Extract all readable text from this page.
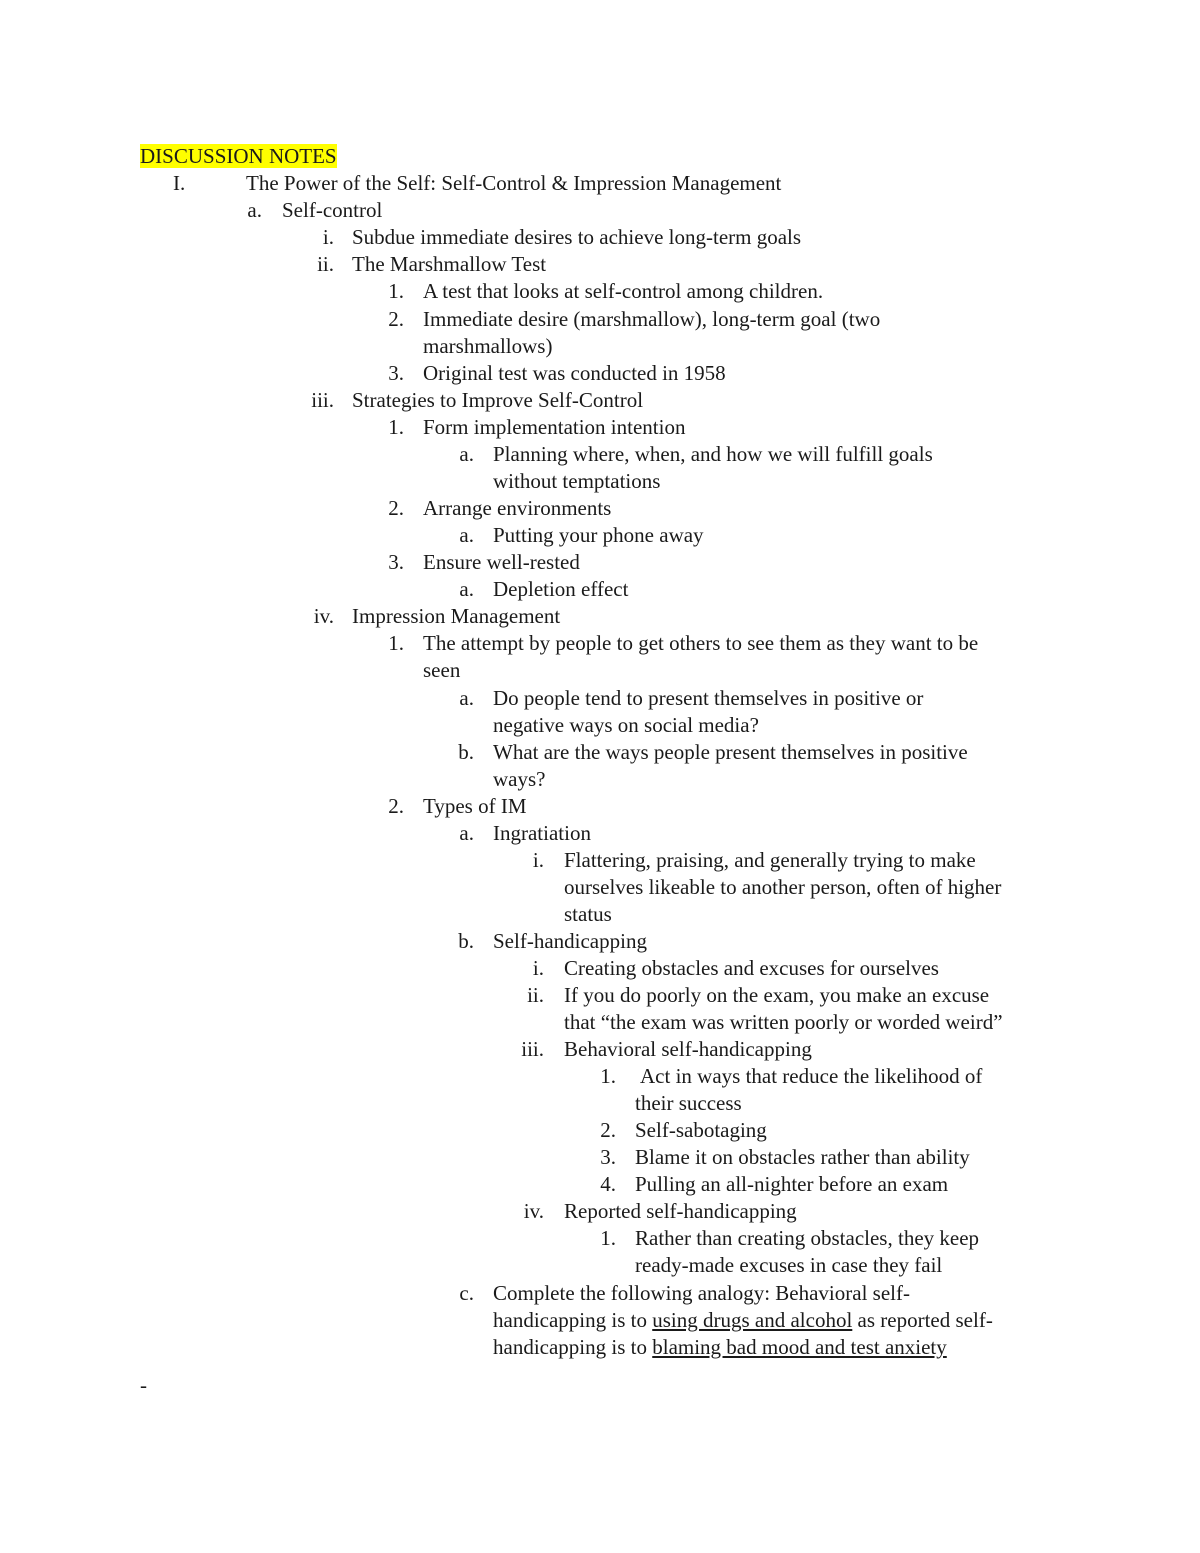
DISCUSSION NOTES
I.	The Power of the Self: Self-Control & Impression Management
a. Self-control
i. Subdue immediate desires to achieve long-term goals
ii. The Marshmallow Test
1. A test that looks at self-control among children.
2. Immediate desire (marshmallow), long-term goal (two
marshmallows)
3. Original test was conducted in 1958
iii. Strategies to Improve Self-Control
1. Form implementation intention
a. Planning where, when, and how we will fulfill goals
without temptations
2. Arrange environments
a. Putting your phone away
3. Ensure well-rested
a. Depletion effect
iv. Impression Management
1. The attempt by people to get others to see them as they want to be
seen
a. Do people tend to present themselves in positive or
negative ways on social media?
b. What are the ways people present themselves in positive
ways?
2. Types of IM
a. Ingratiation
i. Flattering, praising, and generally trying to make
ourselves likeable to another person, often of higher
status
b. Self-handicapping
i. Creating obstacles and excuses for ourselves
ii. If you do poorly on the exam, you make an excuse
that “the exam was written poorly or worded weird”
iii. Behavioral self-handicapping
1. Act in ways that reduce the likelihood of
their success
2. Self-sabotaging
3. Blame it on obstacles rather than ability
4. Pulling an all-nighter before an exam
iv. Reported self-handicapping
1. Rather than creating obstacles, they keep
ready-made excuses in case they fail
c. Complete the following analogy: Behavioral self-
handicapping is to using drugs and alcohol as reported self-
handicapping is to blaming bad mood and test anxiety
-
